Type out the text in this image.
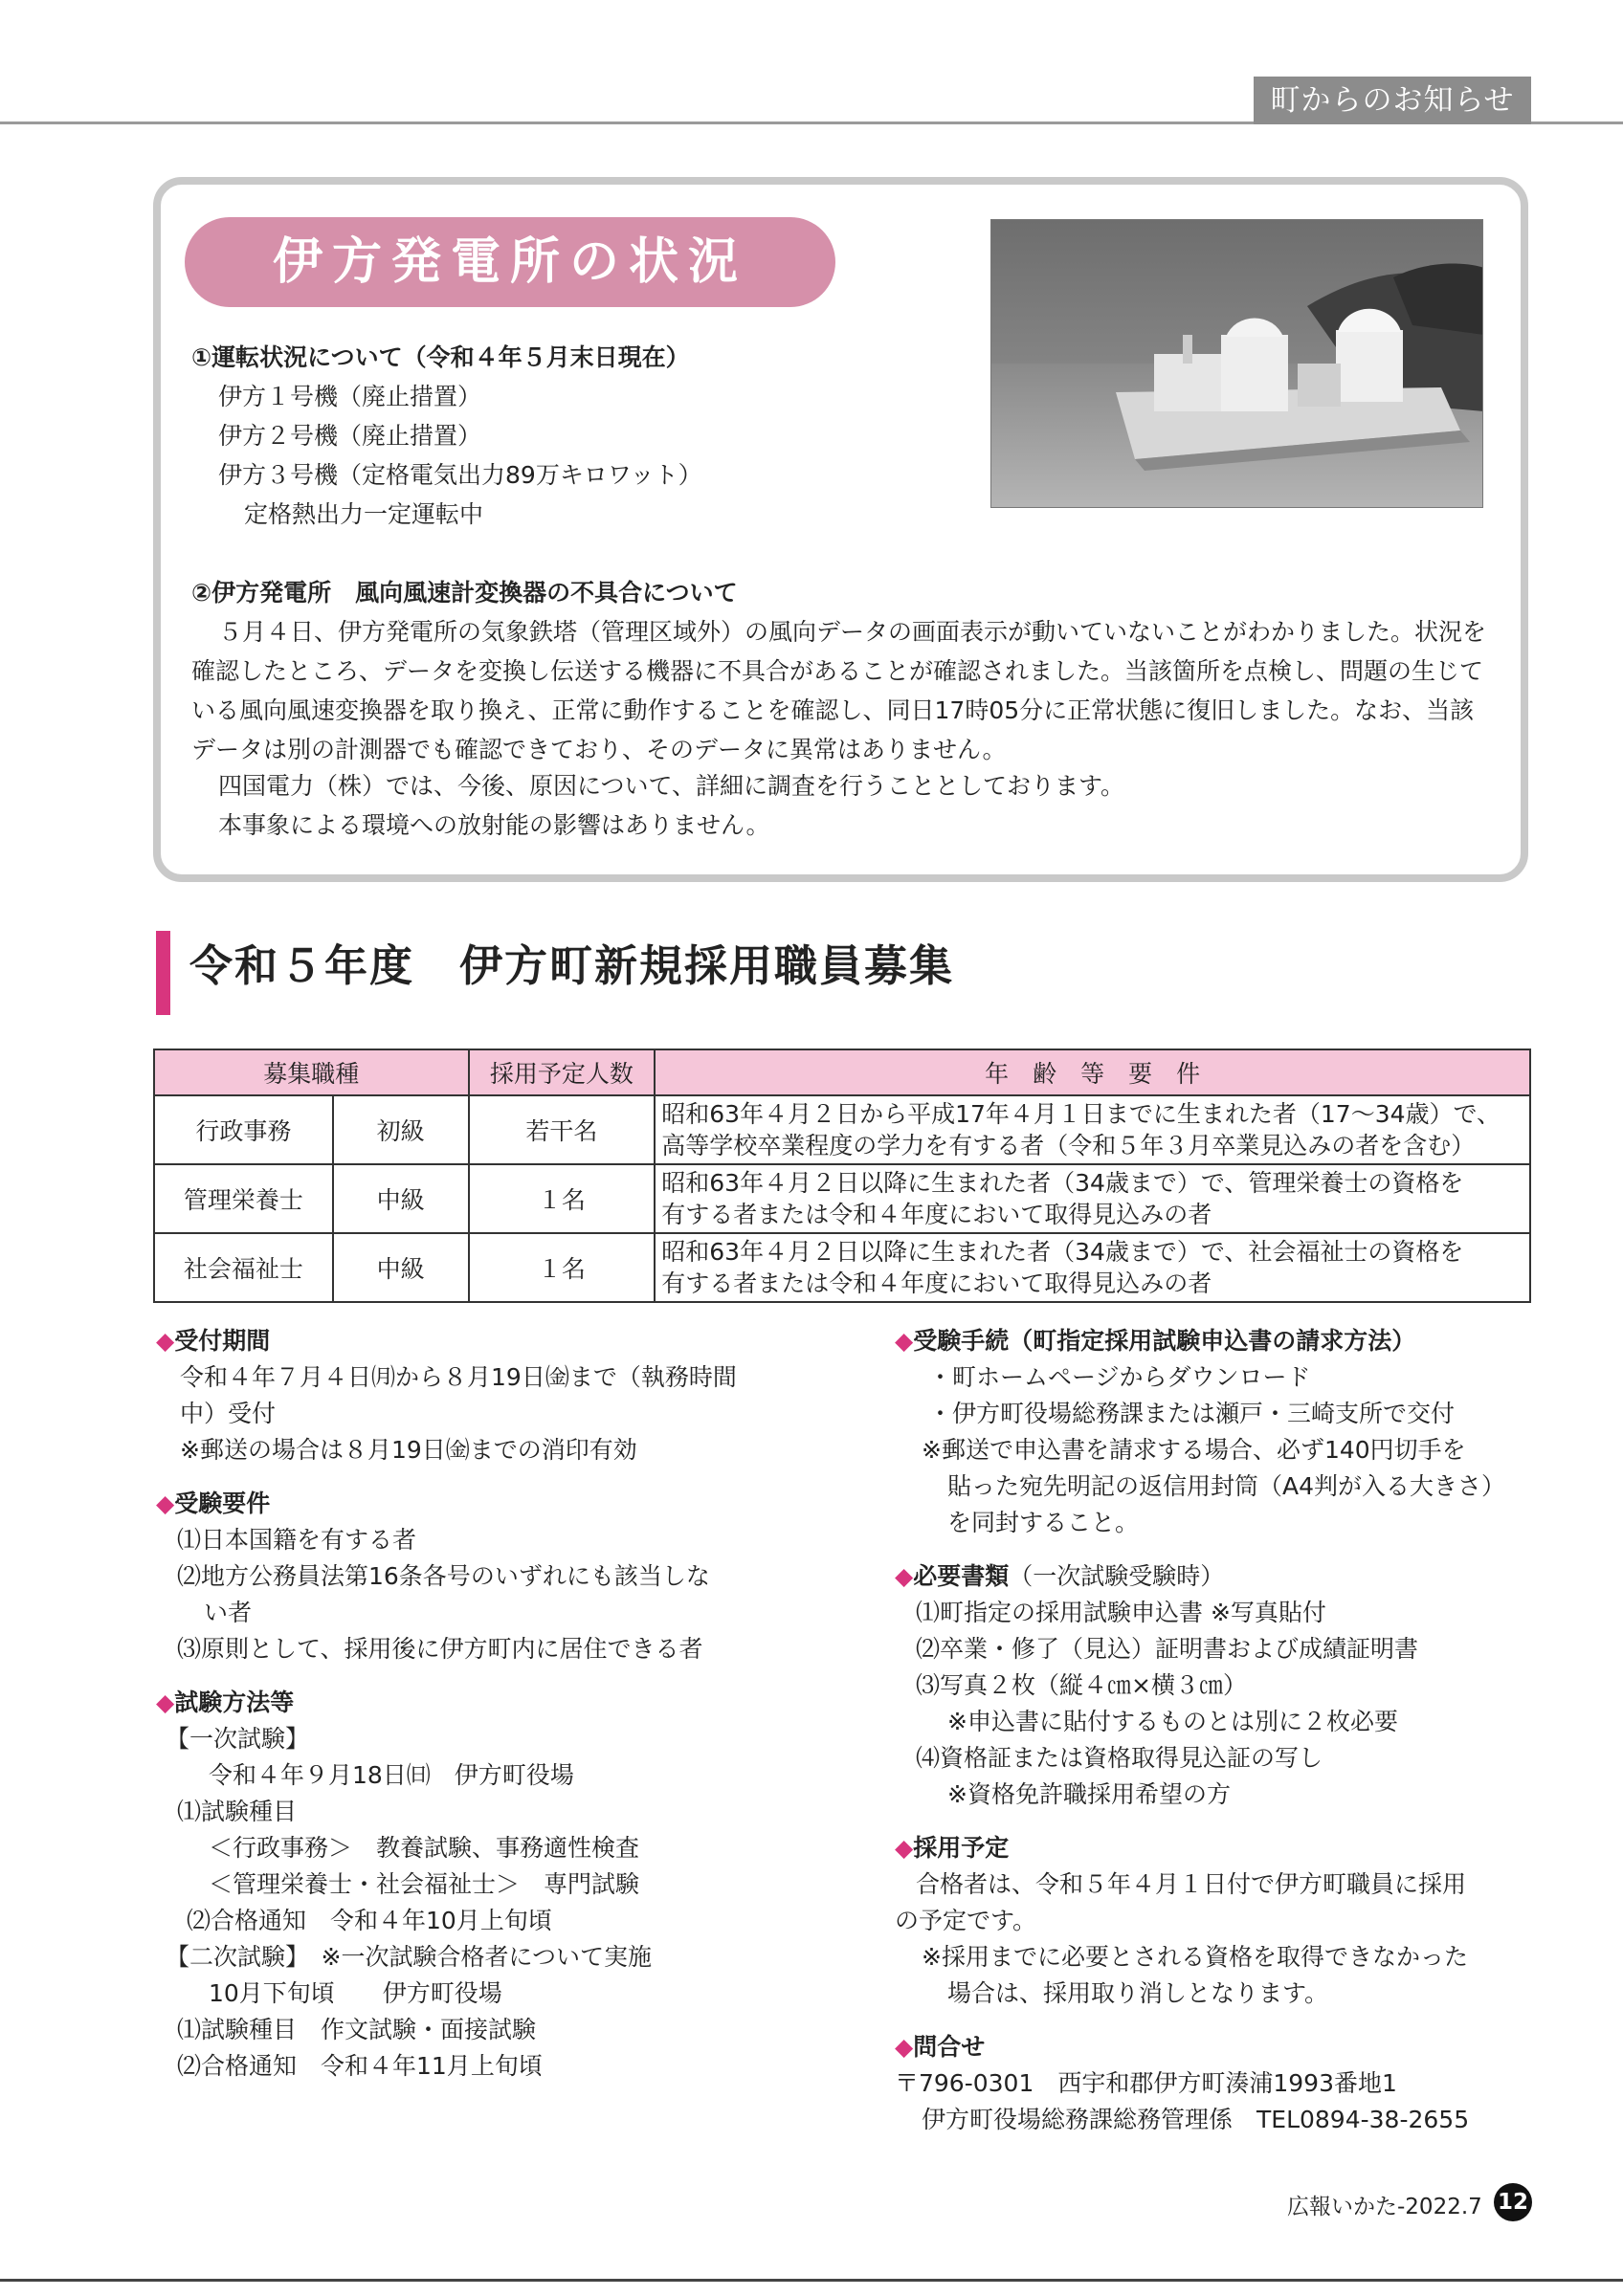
町からのお知らせ
伊方発電所の状況
①運転状況について（令和４年５月末日現在）
伊方１号機（廃止措置）
伊方２号機（廃止措置）
伊方３号機（定格電気出力89万キロワット）
定格熱出力一定運転中
②伊方発電所　風向風速計変換器の不具合について
５月４日、伊方発電所の気象鉄塔（管理区域外）の風向データの画面表示が動いていないことがわかりました。状況を確認したところ、データを変換し伝送する機器に不具合があることが確認されました。当該箇所を点検し、問題の生じている風向風速変換器を取り換え、正常に動作することを確認し、同日17時05分に正常状態に復旧しました。なお、当該データは別の計測器でも確認できており、そのデータに異常はありません。
四国電力（株）では、今後、原因について、詳細に調査を行うこととしております。
本事象による環境への放射能の影響はありません。
令和５年度　伊方町新規採用職員募集
募集職種		採用予定人数	年　齢　等　要　件
行政事務	初級	若干名	昭和63年４月２日から平成17年４月１日までに生まれた者（17〜34歳）で、
高等学校卒業程度の学力を有する者（令和５年３月卒業見込みの者を含む）

管理栄養士	中級	１名	昭和63年４月２日以降に生まれた者（34歳まで）で、管理栄養士の資格を
有する者または令和４年度において取得見込みの者

社会福祉士	中級	１名	昭和63年４月２日以降に生まれた者（34歳まで）で、社会福祉士の資格を
有する者または令和４年度において取得見込みの者
◆受付期間
令和４年７月４日㈪から８月19日㈮まで（執務時間
中）受付
※郵送の場合は８月19日㈮までの消印有効
◆受験要件
⑴日本国籍を有する者
⑵地方公務員法第16条各号のいずれにも該当しな
い者
⑶原則として、採用後に伊方町内に居住できる者
◆試験方法等
【一次試験】
令和４年９月18日㈰　伊方町役場
⑴試験種目
＜行政事務＞　教養試験、事務適性検査
＜管理栄養士・社会福祉士＞　専門試験
⑵合格通知　令和４年10月上旬頃
【二次試験】　※一次試験合格者について実施
10月下旬頃　　伊方町役場
⑴試験種目　作文試験・面接試験
⑵合格通知　令和４年11月上旬頃
◆受験手続（町指定採用試験申込書の請求方法）
・町ホームページからダウンロード
・伊方町役場総務課または瀬戸・三崎支所で交付
※郵送で申込書を請求する場合、必ず140円切手を
貼った宛先明記の返信用封筒（A4判が入る大きさ）
を同封すること。
◆必要書類（一次試験受験時）
⑴町指定の採用試験申込書 ※写真貼付
⑵卒業・修了（見込）証明書および成績証明書
⑶写真２枚（縦４㎝×横３㎝）
※申込書に貼付するものとは別に２枚必要
⑷資格証または資格取得見込証の写し
※資格免許職採用希望の方
◆採用予定
合格者は、令和５年４月１日付で伊方町職員に採用
の予定です。
※採用までに必要とされる資格を取得できなかった
場合は、採用取り消しとなります。
◆問合せ
〒796-0301　西宇和郡伊方町湊浦1993番地1
伊方町役場総務課総務管理係　TEL0894-38-2655
広報いかた-2022.7 12
